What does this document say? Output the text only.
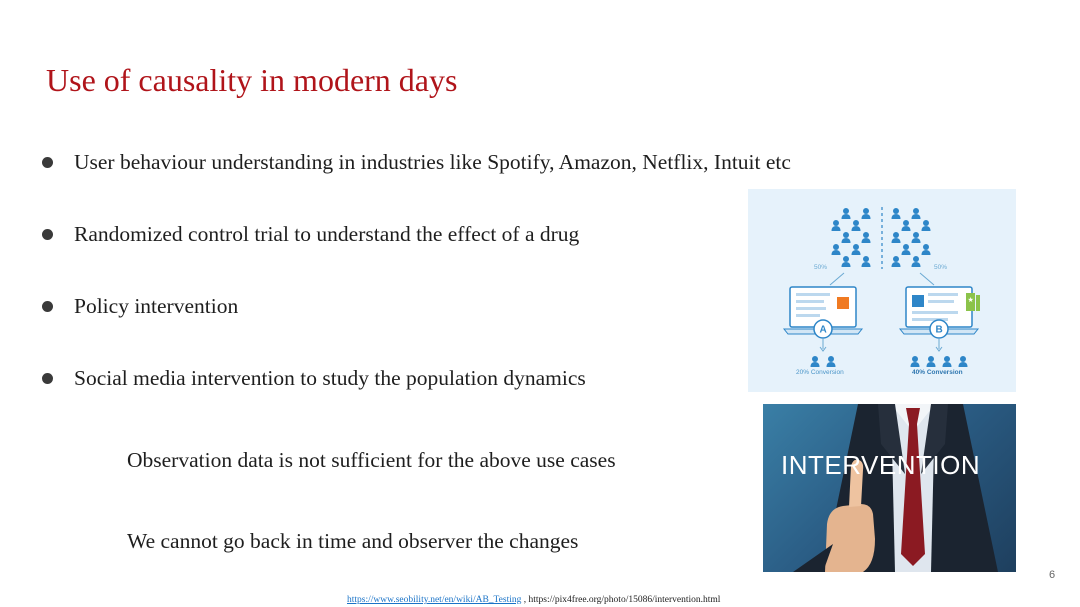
Use of causality in modern days
User behaviour understanding in industries like Spotify, Amazon, Netflix, Intuit etc
Randomized control trial to understand the effect of a drug
Policy intervention
Social media intervention to study the population dynamics
Observation data is not sufficient for the above use cases
We cannot go back in time and observer the changes
50%	50%
A
★
B
20% Conversion	40% Conversion
INTERVENTION
6
https://www.seobility.net/en/wiki/AB_Testing , https://pix4free.org/photo/15086/intervention.html
